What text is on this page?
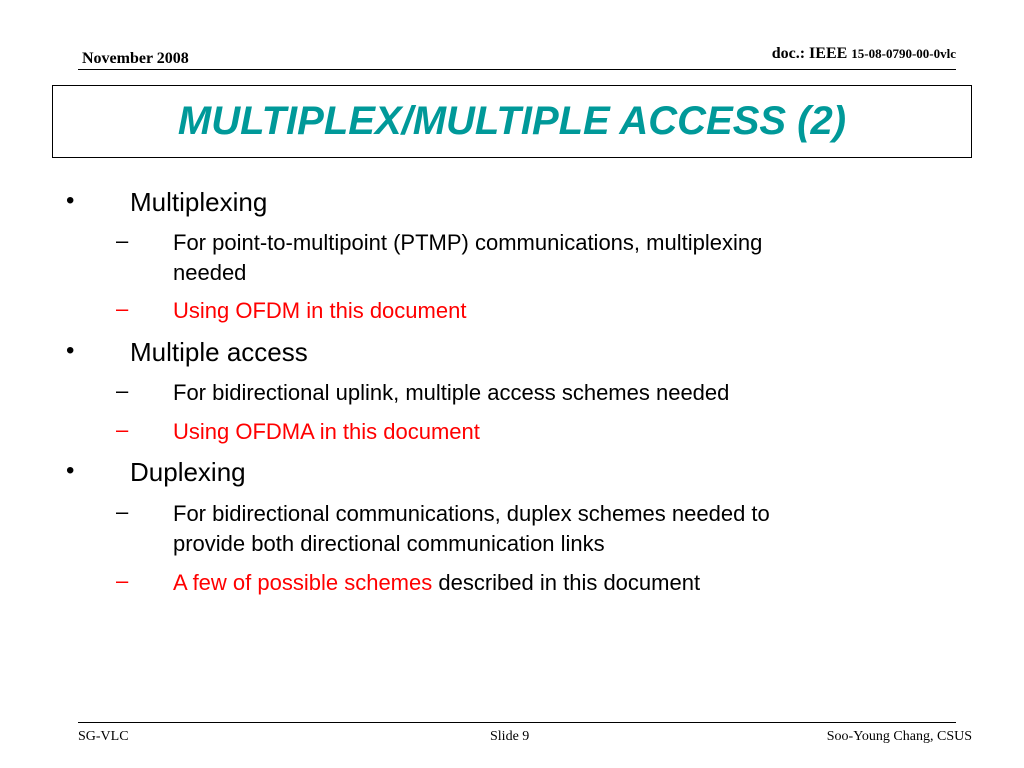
November 2008	doc.: IEEE 15-08-0790-00-0vlc
MULTIPLEX/MULTIPLE ACCESS (2)
• Multiplexing
– For point-to-multipoint (PTMP) communications, multiplexing
needed
– Using OFDM in this document
• Multiple access
– For bidirectional uplink, multiple access schemes needed
– Using OFDMA in this document
• Duplexing
– For bidirectional communications, duplex schemes needed to
provide both directional communication links
– A few of possible schemes described in this document
SG-VLC	Slide 9	Soo-Young Chang, CSUS
